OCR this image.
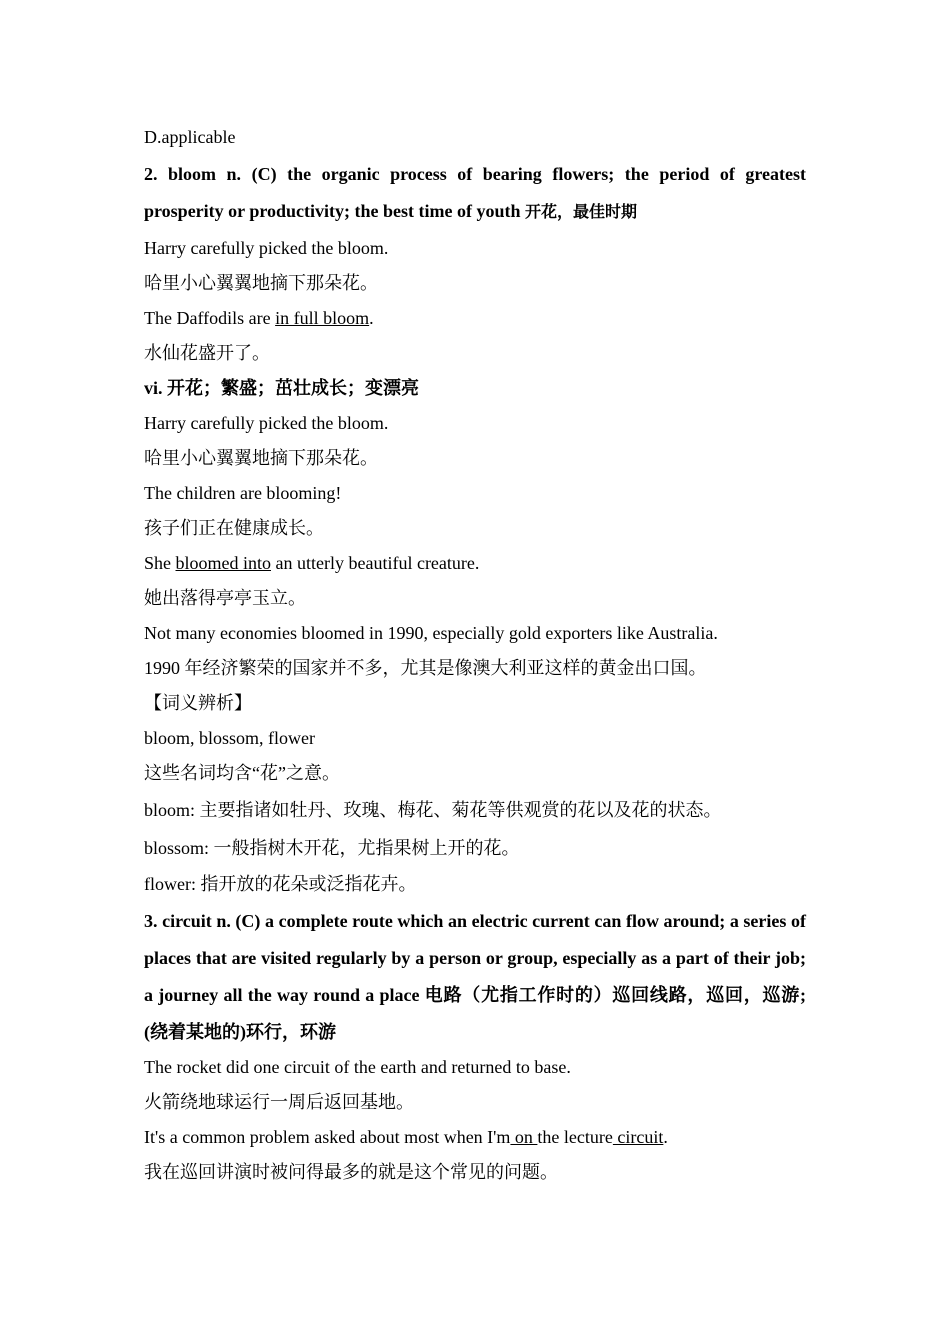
D.applicable
2. bloom n. (C) the organic process of bearing flowers; the period of greatest prosperity or productivity; the best time of youth 开花，最佳时期
Harry carefully picked the bloom.
哈里小心翼翼地摘下那朵花。
The Daffodils are in full bloom.
水仙花盛开了。
vi. 开花；繁盛；茁壮成长；变漂亮
Harry carefully picked the bloom.
哈里小心翼翼地摘下那朵花。
The children are blooming!
孩子们正在健康成长。
She bloomed into an utterly beautiful creature.
她出落得亭亭玉立。
Not many economies bloomed in 1990, especially gold exporters like Australia.
1990 年经济繁荣的国家并不多，尤其是像澳大利亚这样的黄金出口国。
【词义辨析】
bloom, blossom, flower
这些名词均含“花”之意。
bloom: 主要指诸如牡丹、玫瑰、梅花、菊花等供观赏的花以及花的状态。
blossom: 一般指树木开花，尤指果树上开的花。
flower: 指开放的花朵或泛指花卉。
3. circuit n. (C) a complete route which an electric current can flow around; a series of places that are visited regularly by a person or group, especially as a part of their job; a journey all the way round a place 电路（尤指工作时的）巡回线路，巡回，巡游; (绕着某地的)环行，环游
The rocket did one circuit of the earth and returned to base.
火箭绕地球运行一周后返回基地。
It's a common problem asked about most when I'm on the lecture circuit.
我在巡回讲演时被问得最多的就是这个常见的问题。
